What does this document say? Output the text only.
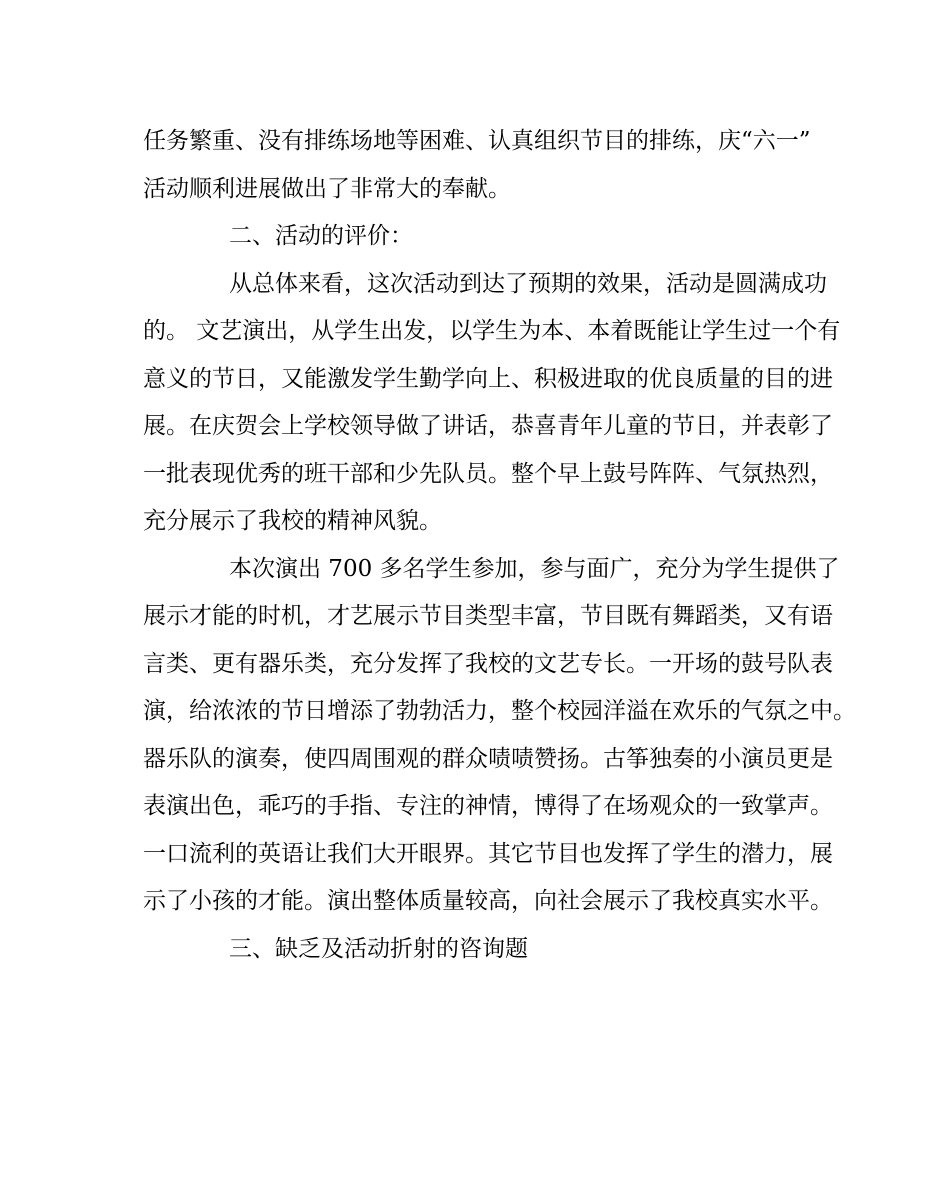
任务繁重、没有排练场地等困难、认真组织节目的排练，庆“六一”
活动顺利进展做出了非常大的奉献。
二、活动的评价：
从总体来看，这次活动到达了预期的效果，活动是圆满成功
的。 文艺演出，从学生出发，以学生为本、本着既能让学生过一个有
意义的节日，又能激发学生勤学向上、积极进取的优良质量的目的进
展。在庆贺会上学校领导做了讲话，恭喜青年儿童的节日，并表彰了
一批表现优秀的班干部和少先队员。整个早上鼓号阵阵、气氛热烈，
充分展示了我校的精神风貌。
本次演出 700 多名学生参加，参与面广，充分为学生提供了
展示才能的时机，才艺展示节目类型丰富，节目既有舞蹈类，又有语
言类、更有器乐类，充分发挥了我校的文艺专长。一开场的鼓号队表
演，给浓浓的节日增添了勃勃活力，整个校园洋溢在欢乐的气氛之中。
器乐队的演奏，使四周围观的群众啧啧赞扬。古筝独奏的小演员更是
表演出色，乖巧的手指、专注的神情，博得了在场观众的一致掌声。
一口流利的英语让我们大开眼界。其它节目也发挥了学生的潜力，展
示了小孩的才能。演出整体质量较高，向社会展示了我校真实水平。
三、缺乏及活动折射的咨询题
